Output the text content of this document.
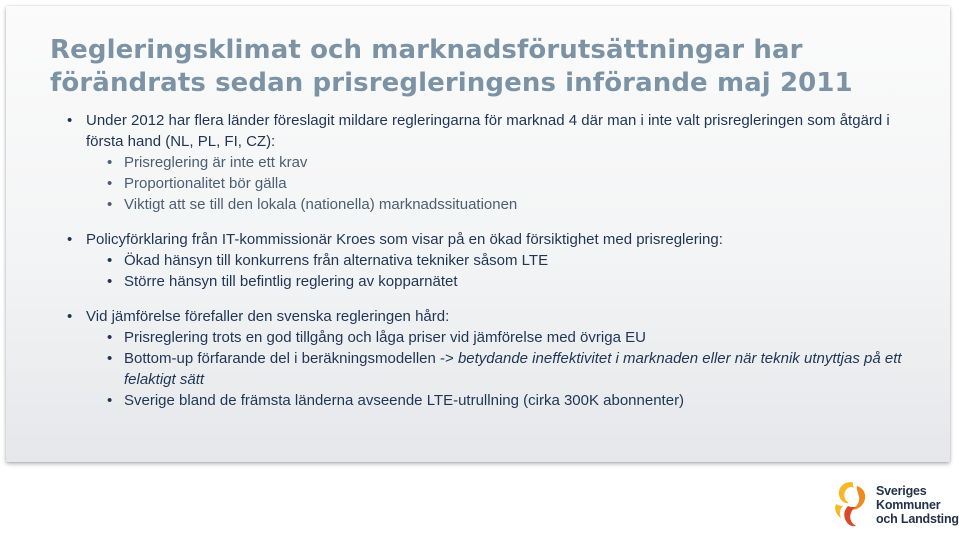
Regleringsklimat och marknadsförutsättningar har
förändrats sedan prisregleringens införande maj 2011
• Under 2012 har flera länder föreslagit mildare regleringarna för marknad 4 där man i inte valt prisregleringen som åtgärd i första hand (NL, PL, FI, CZ):
• Prisreglering är inte ett krav
• Proportionalitet bör gälla
• Viktigt att se till den lokala (nationella) marknadssituationen
• Policyförklaring från IT-kommissionär Kroes som visar på en ökad försiktighet med prisreglering:
• Ökad hänsyn till konkurrens från alternativa tekniker såsom LTE
• Större hänsyn till befintlig reglering av kopparnätet
• Vid jämförelse förefaller den svenska regleringen hård:
• Prisreglering trots en god tillgång och låga priser vid jämförelse med övriga EU
• Bottom-up förfarande del i beräkningsmodellen -> betydande ineffektivitet i marknaden eller när teknik utnyttjas på ett felaktigt sätt
• Sverige bland de främsta länderna avseende LTE-utrullning (cirka 300K abonnenter)
Sveriges
Kommuner
och Landsting
